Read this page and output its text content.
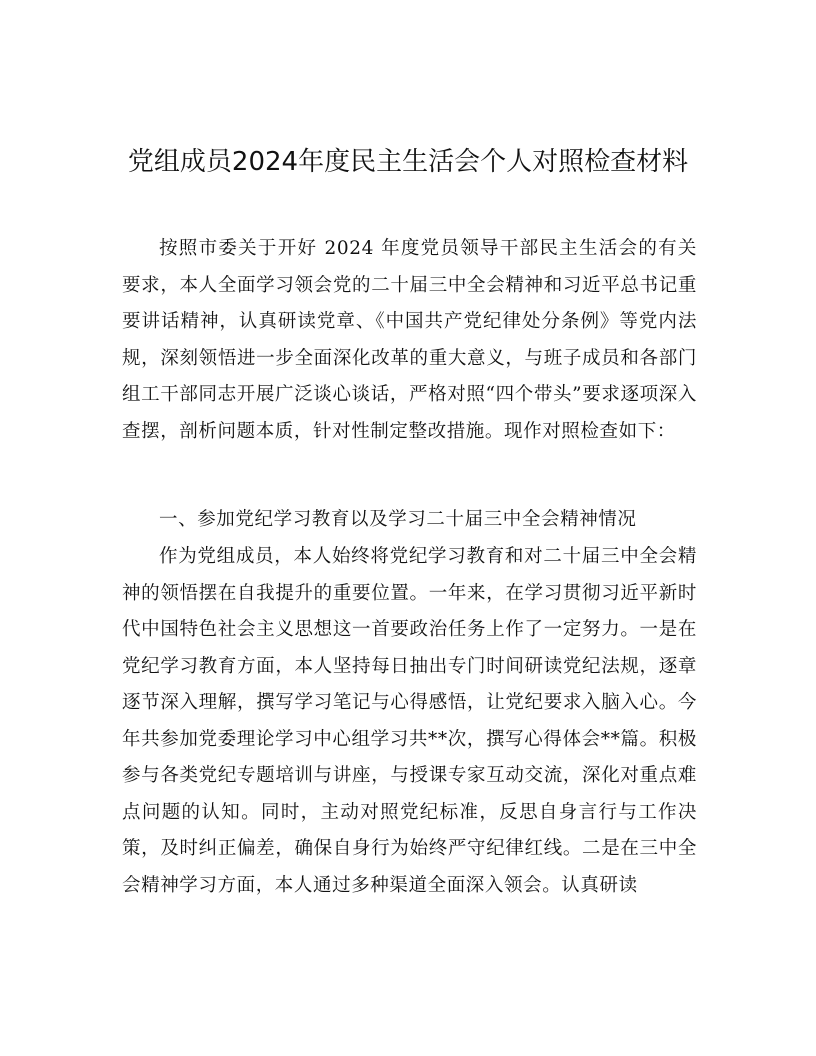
党组成员2024年度民主生活会个人对照检查材料

按照市委关于开好 2024 年度党员领导干部民主生活会的有关要求，本人全面学习领会党的二十届三中全会精神和习近平总书记重要讲话精神，认真研读党章、《中国共产党纪律处分条例》等党内法规，深刻领悟进一步全面深化改革的重大意义，与班子成员和各部门组工干部同志开展广泛谈心谈话，严格对照“四个带头”要求逐项深入查摆，剖析问题本质，针对性制定整改措施。现作对照检查如下：

一、参加党纪学习教育以及学习二十届三中全会精神情况

作为党组成员，本人始终将党纪学习教育和对二十届三中全会精神的领悟摆在自我提升的重要位置。一年来，在学习贯彻习近平新时代中国特色社会主义思想这一首要政治任务上作了一定努力。一是在党纪学习教育方面，本人坚持每日抽出专门时间研读党纪法规，逐章逐节深入理解，撰写学习笔记与心得感悟，让党纪要求入脑入心。今年共参加党委理论学习中心组学习共**次，撰写心得体会**篇。积极参与各类党纪专题培训与讲座，与授课专家互动交流，深化对重点难点问题的认知。同时，主动对照党纪标准，反思自身言行与工作决策，及时纠正偏差，确保自身行为始终严守纪律红线。二是在三中全会精神学习方面，本人通过多种渠道全面深入领会。认真研读
